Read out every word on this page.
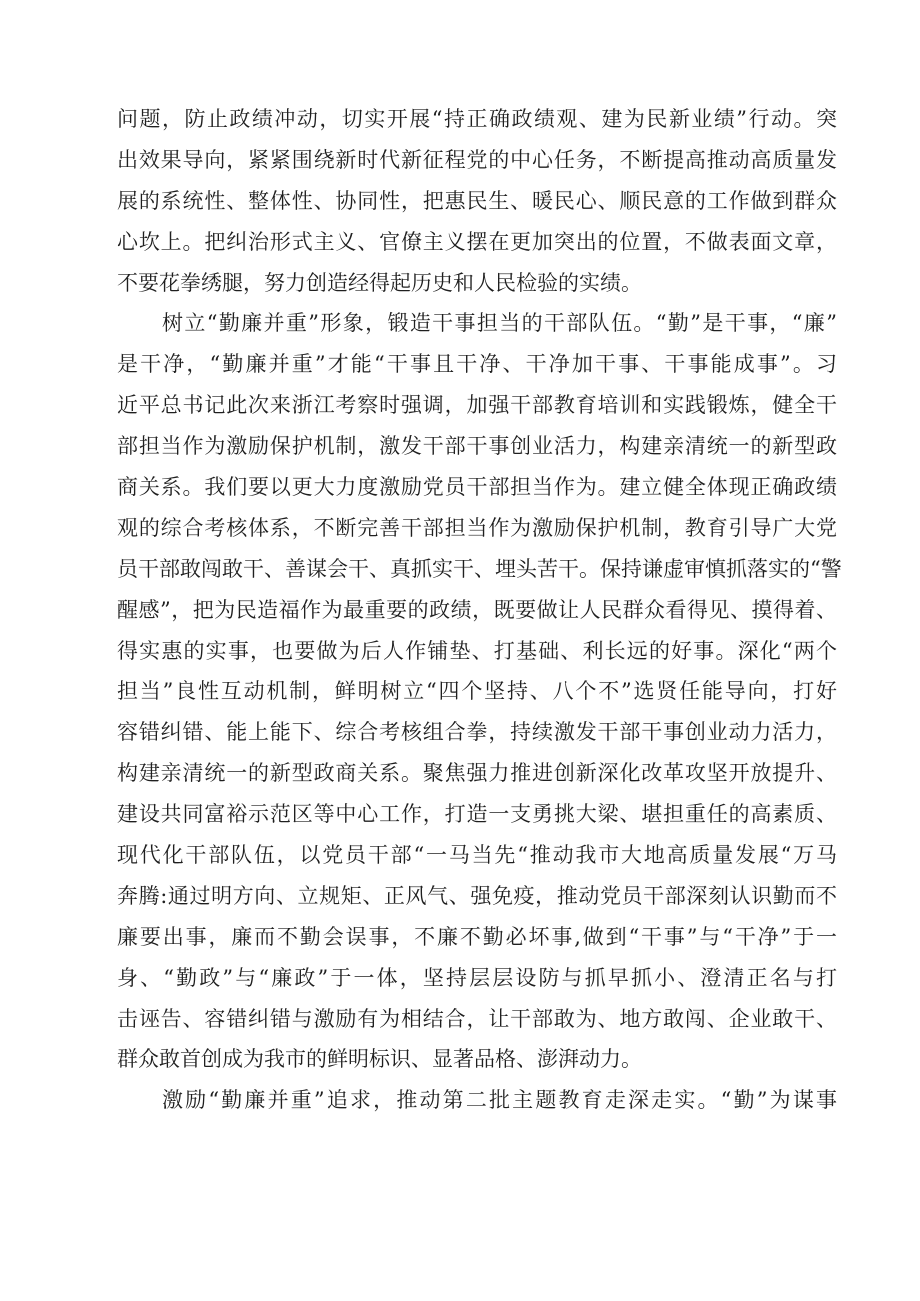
问题，防止政绩冲动，切实开展“持正确政绩观、建为民新业绩”行动。突
出效果导向，紧紧围绕新时代新征程党的中心任务，不断提高推动高质量发
展的系统性、整体性、协同性，把惠民生、暖民心、顺民意的工作做到群众
心坎上。把纠治形式主义、官僚主义摆在更加突出的位置，不做表面文章，
不要花拳绣腿，努力创造经得起历史和人民检验的实绩。
树立“勤廉并重”形象，锻造干事担当的干部队伍。“勤”是干事，“廉”
是干净，“勤廉并重”才能“干事且干净、干净加干事、干事能成事”。习
近平总书记此次来浙江考察时强调，加强干部教育培训和实践锻炼，健全干
部担当作为激励保护机制，激发干部干事创业活力，构建亲清统一的新型政
商关系。我们要以更大力度激励党员干部担当作为。建立健全体现正确政绩
观的综合考核体系，不断完善干部担当作为激励保护机制，教育引导广大党
员干部敢闯敢干、善谋会干、真抓实干、埋头苦干。保持谦虚审慎抓落实的“警
醒感”，把为民造福作为最重要的政绩，既要做让人民群众看得见、摸得着、
得实惠的实事，也要做为后人作铺垫、打基础、利长远的好事。深化“两个
担当”良性互动机制，鲜明树立“四个坚持、八个不”选贤任能导向，打好
容错纠错、能上能下、综合考核组合拳，持续激发干部干事创业动力活力，
构建亲清统一的新型政商关系。聚焦强力推进创新深化改革攻坚开放提升、
建设共同富裕示范区等中心工作，打造一支勇挑大梁、堪担重任的高素质、
现代化干部队伍，以党员干部“一马当先“推动我市大地高质量发展“万马
奔腾:通过明方向、立规矩、正风气、强免疫，推动党员干部深刻认识勤而不
廉要出事，廉而不勤会误事，不廉不勤必坏事,做到“干事”与“干净”于一
身、“勤政”与“廉政”于一体，坚持层层设防与抓早抓小、澄清正名与打
击诬告、容错纠错与激励有为相结合，让干部敢为、地方敢闯、企业敢干、
群众敢首创成为我市的鲜明标识、显著品格、澎湃动力。
激励“勤廉并重”追求，推动第二批主题教育走深走实。“勤”为谋事
